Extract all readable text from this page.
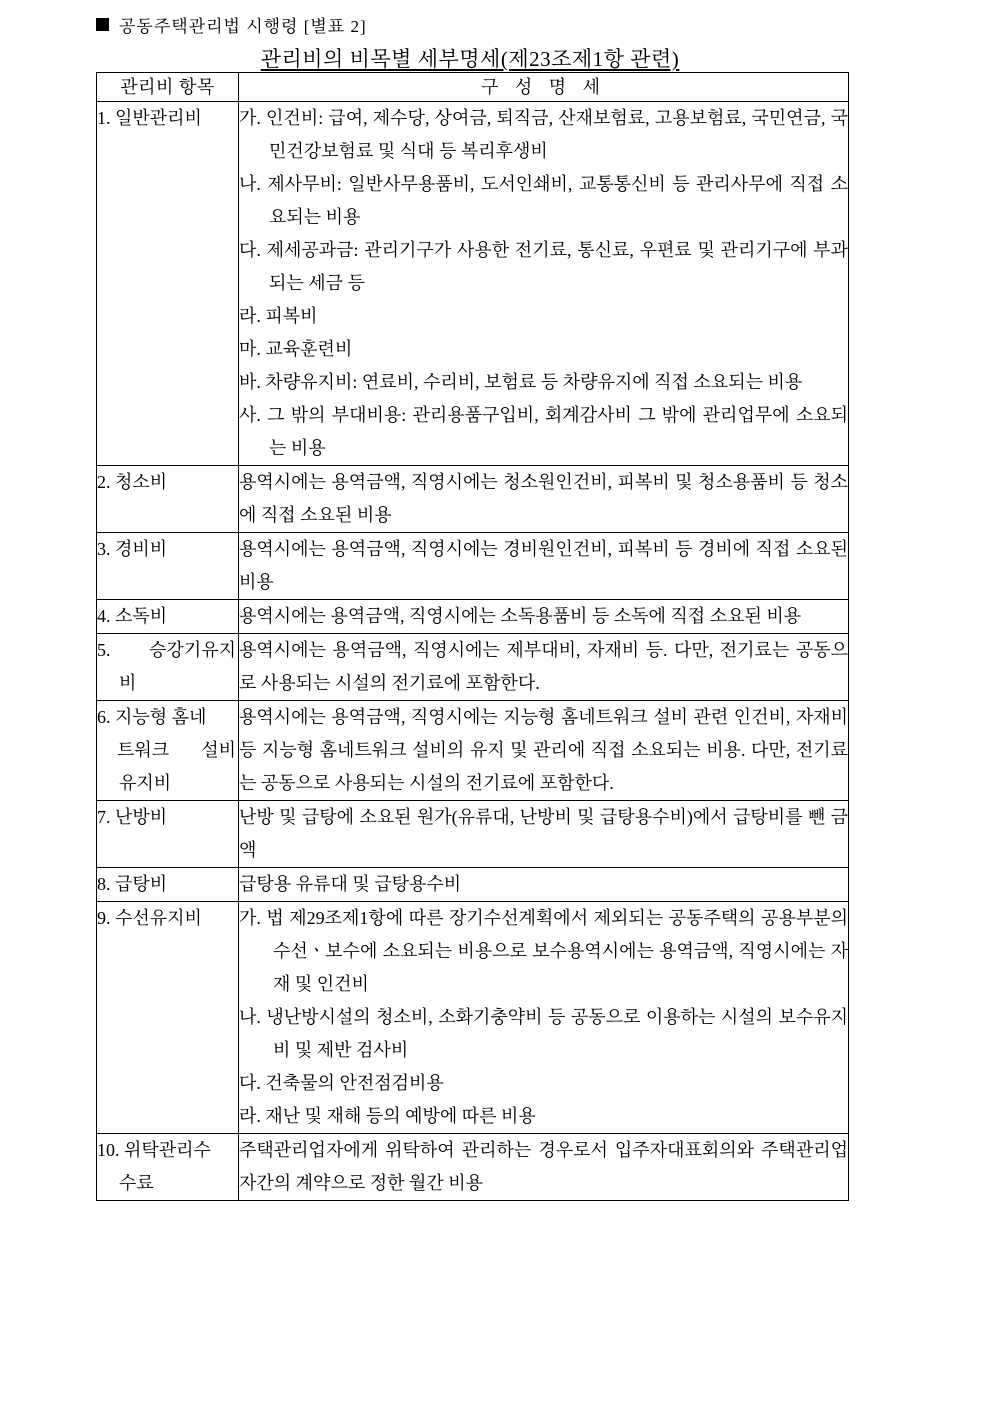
공동주택관리법 시행령 [별표 2]
관리비의 비목별 세부명세(제23조제1항 관련)
관리비 항목	구 성 명 세

1. 일반관리비	가. 인건비: 급여, 제수당, 상여금, 퇴직금, 산재보험료, 고용보험료, 국민연금, 국민건강보험료 및 식대 등 복리후생비
나. 제사무비: 일반사무용품비, 도서인쇄비, 교통통신비 등 관리사무에 직접 소요되는 비용
다. 제세공과금: 관리기구가 사용한 전기료, 통신료, 우편료 및 관리기구에 부과되는 세금 등
라. 피복비
마. 교육훈련비
바. 차량유지비: 연료비, 수리비, 보험료 등 차량유지에 직접 소요되는 비용
사. 그 밖의 부대비용: 관리용품구입비, 회계감사비 그 밖에 관리업무에 소요되는 비용

2. 청소비	용역시에는 용역금액, 직영시에는 청소원인건비, 피복비 및 청소용품비 등 청소에 직접 소요된 비용

3. 경비비	용역시에는 용역금액, 직영시에는 경비원인건비, 피복비 등 경비에 직접 소요된 비용

4. 소독비	용역시에는 용역금액, 직영시에는 소독용품비 등 소독에 직접 소요된 비용

5. 승강기유지
비	용역시에는 용역금액, 직영시에는 제부대비, 자재비 등. 다만, 전기료는 공동으로 사용되는 시설의 전기료에 포함한다.

6. 지능형 홈네
트워크 설비
유지비	용역시에는 용역금액, 직영시에는 지능형 홈네트워크 설비 관련 인건비, 자재비 등 지능형 홈네트워크 설비의 유지 및 관리에 직접 소요되는 비용. 다만, 전기료는 공동으로 사용되는 시설의 전기료에 포함한다.

7. 난방비	난방 및 급탕에 소요된 원가(유류대, 난방비 및 급탕용수비)에서 급탕비를 뺀 금액

8. 급탕비	급탕용 유류대 및 급탕용수비

9. 수선유지비	가. 법 제29조제1항에 따른 장기수선계획에서 제외되는 공동주택의 공용부분의 수선ㆍ보수에 소요되는 비용으로 보수용역시에는 용역금액, 직영시에는 자재 및 인건비
나. 냉난방시설의 청소비, 소화기충약비 등 공동으로 이용하는 시설의 보수유지비 및 제반 검사비
다. 건축물의 안전점검비용
라. 재난 및 재해 등의 예방에 따른 비용

10. 위탁관리수
수료	주택관리업자에게 위탁하여 관리하는 경우로서 입주자대표회의와 주택관리업자간의 계약으로 정한 월간 비용
